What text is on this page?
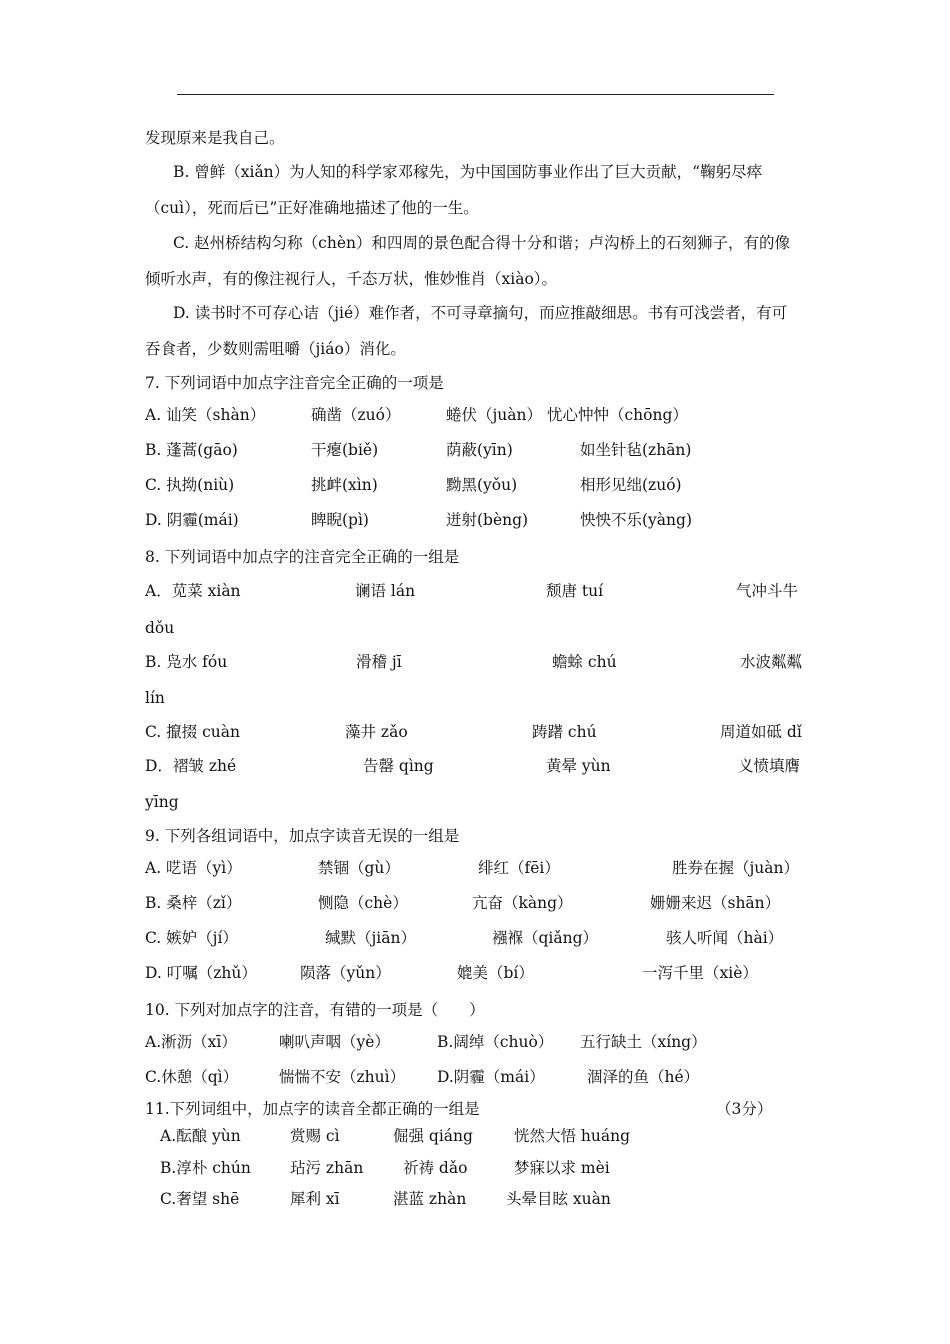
发现原来是我自己。
B. 曾鲜（xiǎn）为人知的科学家邓稼先，为中国国防事业作出了巨大贡献，“鞠躬尽瘁
（cuì），死而后已”正好准确地描述了他的一生。
C. 赵州桥结构匀称（chèn）和四周的景色配合得十分和谐；卢沟桥上的石刻狮子，有的像
倾听水声，有的像注视行人，千态万状，惟妙惟肖（xiào）。
D. 读书时不可存心诘（jié）难作者，不可寻章摘句，而应推敲细思。书有可浅尝者，有可
吞食者，少数则需咀嚼（jiáo）消化。
7. 下列词语中加点字注音完全正确的一项是
A. 讪笑（shàn）	确凿（zuó）	蜷伏（juàn） 忧心忡忡（chōng）
B. 蓬蒿(gāo)	干瘪(biě)	荫蔽(yīn)	如坐针毡(zhān)
C. 执拗(niù)	挑衅(xìn)	黝黑(yǒu)	相形见绌(zuó)
D. 阴霾(mái)	睥睨(pì)	迸射(bèng)	怏怏不乐(yàng)
8. 下列词语中加点字的注音完全正确的一组是
A．苋菜 xiàn	谰语 lán	颓唐 tuí	气冲斗牛
dǒu
B. 凫水 fóu	滑稽 jī	蟾蜍 chú	水波粼粼
lín
C. 攛掇 cuàn	藻井 zǎo	踌躇 chú	周道如砥 dǐ
D．褶皱 zhé	告罄 qìng	黄晕 yùn	义愤填膺
yīng
9. 下列各组词语中，加点字读音无误的一组是
A. 呓语（yì）	禁锢（gù）	绯红（fēi）	胜券在握（juàn）
B. 桑梓（zǐ）	恻隐（chè）	亢奋（kàng）	姗姗来迟（shān）
C. 嫉妒（jí）	缄默（jiān）	襁褓（qiǎng）	骇人听闻（hài）
D. 叮嘱（zhǔ）	陨落（yǔn）	媲美（bí）	一泻千里（xiè）
10. 下列对加点字的注音，有错的一项是（　　）
A.淅沥（xī）	喇叭声咽（yè）	B.阔绰（chuò） 五行缺土（xíng）
C.休憩（qì）	惴惴不安（zhuì） D.阴霾（mái）	涸泽的鱼（hé）
11.下列词组中，加点字的读音全都正确的一组是	（3分）
A.酝酿 yùn	赏赐 cì	倔强 qiáng	恍然大悟 huáng
B.淳朴 chún	玷污 zhān	祈祷 dǎo	梦寐以求 mèi
C.奢望 shē	犀利 xī	湛蓝 zhàn	头晕目眩 xuàn
